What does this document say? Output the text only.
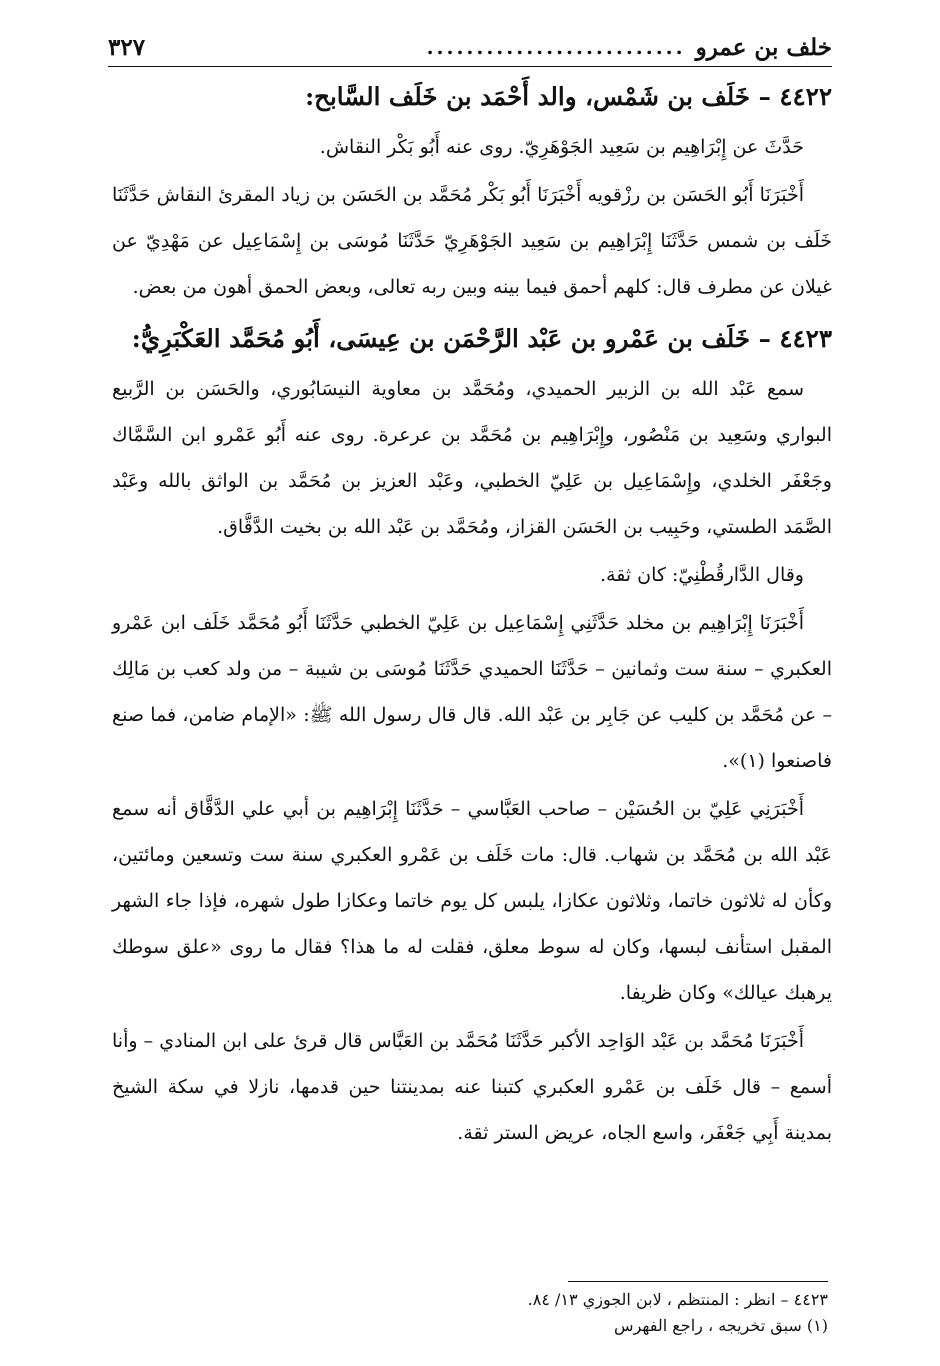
خلف بن عمرو
..........................
٣٢٧
٤٤٢٢ – خَلَف بن شَمْس، والد أَحْمَد بن خَلَف السَّابح:

حَدَّثَ عن إِبْرَاهِيم بن سَعِيد الجَوْهَرِيّ. روى عنه أَبُو بَكْر النقاش.

أَخْبَرَنَا أَبُو الحَسَن بن رزْقويه أَخْبَرَنَا أَبُو بَكْر مُحَمَّد بن الحَسَن بن زياد المقرئ النقاش حَدَّثَنَا خَلَف بن شمس حَدَّثَنَا إِبْرَاهِيم بن سَعِيد الجَوْهَرِيّ حَدَّثَنَا مُوسَى بن إِسْمَاعِيل عن مَهْدِيّ عن غيلان عن مطرف قال: كلهم أحمق فيما بينه وبين ربه تعالى، وبعض الحمق أهون من بعض.

٤٤٢٣ – خَلَف بن عَمْرو بن عَبْد الرَّحْمَن بن عِيسَى، أَبُو مُحَمَّد العَكْبَرِيُّ:

سمع عَبْد الله بن الزبير الحميدي، ومُحَمَّد بن معاوية النيسَابُوري، والحَسَن بن الرَّبيع البواري وسَعِيد بن مَنْصُور، وإِبْرَاهِيم بن مُحَمَّد بن عرعرة. روى عنه أَبُو عَمْرو ابن السَّمَّاك وجَعْفَر الخلدي، وإِسْمَاعِيل بن عَلِيّ الخطبي، وعَبْد العزيز بن مُحَمَّد بن الواثق بالله وعَبْد الصَّمَد الطستي، وحَبِيب بن الحَسَن القزاز، ومُحَمَّد بن عَبْد الله بن بخيت الدَّقَّاق.

وقال الدَّارقُطْنِيّ: كان ثقة.

أَخْبَرَنَا إِبْرَاهِيم بن مخلد حَدَّثَنِي إِسْمَاعِيل بن عَلِيّ الخطبي حَدَّثَنَا أَبُو مُحَمَّد خَلَف ابن عَمْرو العكبري – سنة ست وثمانين – حَدَّثَنَا الحميدي حَدَّثَنَا مُوسَى بن شيبة – من ولد كعب بن مَالِك – عن مُحَمَّد بن كليب عن جَابِر بن عَبْد الله. قال قال رسول الله ﷺ: «الإمام ضامن، فما صنع فاصنعوا (١)».

أَخْبَرَنِي عَلِيّ بن الحُسَيْن – صاحب العَبَّاسي – حَدَّثَنَا إِبْرَاهِيم بن أبي علي الدَّقَّاق أنه سمع عَبْد الله بن مُحَمَّد بن شهاب. قال: مات خَلَف بن عَمْرو العكبري سنة ست وتسعين ومائتين، وكأن له ثلاثون خاتما، وثلاثون عكازا، يلبس كل يوم خاتما وعكازا طول شهره، فإذا جاء الشهر المقبل استأنف لبسها، وكان له سوط معلق، فقلت له ما هذا؟ فقال ما روى «علق سوطك يرهبك عيالك» وكان ظريفا.

أَخْبَرَنَا مُحَمَّد بن عَبْد الوَاحِد الأكبر حَدَّثَنَا مُحَمَّد بن العَبَّاس قال قرئ على ابن المنادي – وأنا أسمع – قال خَلَف بن عَمْرو العكبري كتبنا عنه بمدينتنا حين قدمها، نازلا في سكة الشيخ بمدينة أَبِي جَعْفَر، واسع الجاه، عريض الستر ثقة.

٤٤٢٣ – انظر : المنتظم ، لابن الجوزي ١٣/ ٨٤.

(١) سبق تخريجه ، راجع الفهرس
